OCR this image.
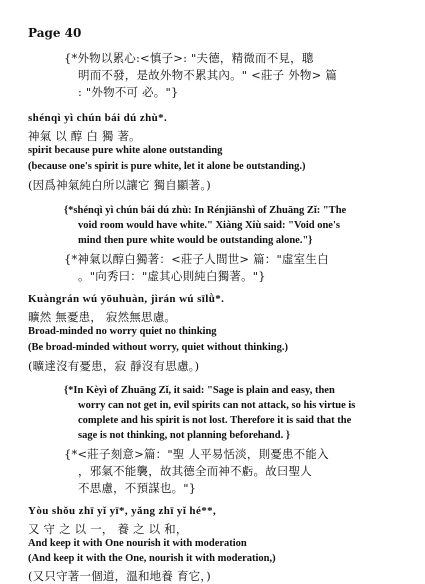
Page 40
{*外物以累心:<慎子>: "夫德，精微而不見，聰
明而不發，是故外物不累其內。" <莊子 外物> 篇
: "外物不可 必。"}
shénqì yì chún bái dú zhù*.
神氣 以 醇 白 獨 著。
spirit because pure white alone outstanding
(because one's spirit is pure white, let it alone be outstanding.)
(因爲神氣純白所以讓它 獨自顯著。)
{*shénqì yì chún bái dú zhù: In Rénjiānshì of Zhuāng Zǐ: "The
void room would have white." Xiàng Xiù said: "Void one's
mind then pure white would be outstanding alone."}
{*神氣以醇白獨著：<莊子人間世> 篇："虛室生白
。"向秀曰："虛其心則純白獨著。"}
Kuàngrán wú yōuhuàn, jìrán wú sīlǜ*.
曠然 無憂患， 寂然無思慮。
Broad-minded no worry quiet no thinking
(Be broad-minded without worry, quiet without thinking.)
(曠達沒有憂患，寂 靜沒有思慮。)
{*In Kèyì of Zhuāng Zǐ, it said: "Sage is plain and easy, then
worry can not get in, evil spirits can not attack, so his virtue is
complete and his spirit is not lost. Therefore it is said that the
sage is not thinking, not planning beforehand. }
{*<莊子刻意>篇："聖 人平易恬淡，則憂患不能入
，邪氣不能襲，故其德全而神不虧。故曰聖人
不思慮，不預謀也。"}
Yòu shǒu zhī yǐ yī*, yǎng zhī yǐ hé**,
又 守 之 以 一， 養 之 以 和，
And keep it with One nourish it with moderation
(And keep it with the One, nourish it with moderation,)
(又只守著一個道，溫和地養 育它，)
